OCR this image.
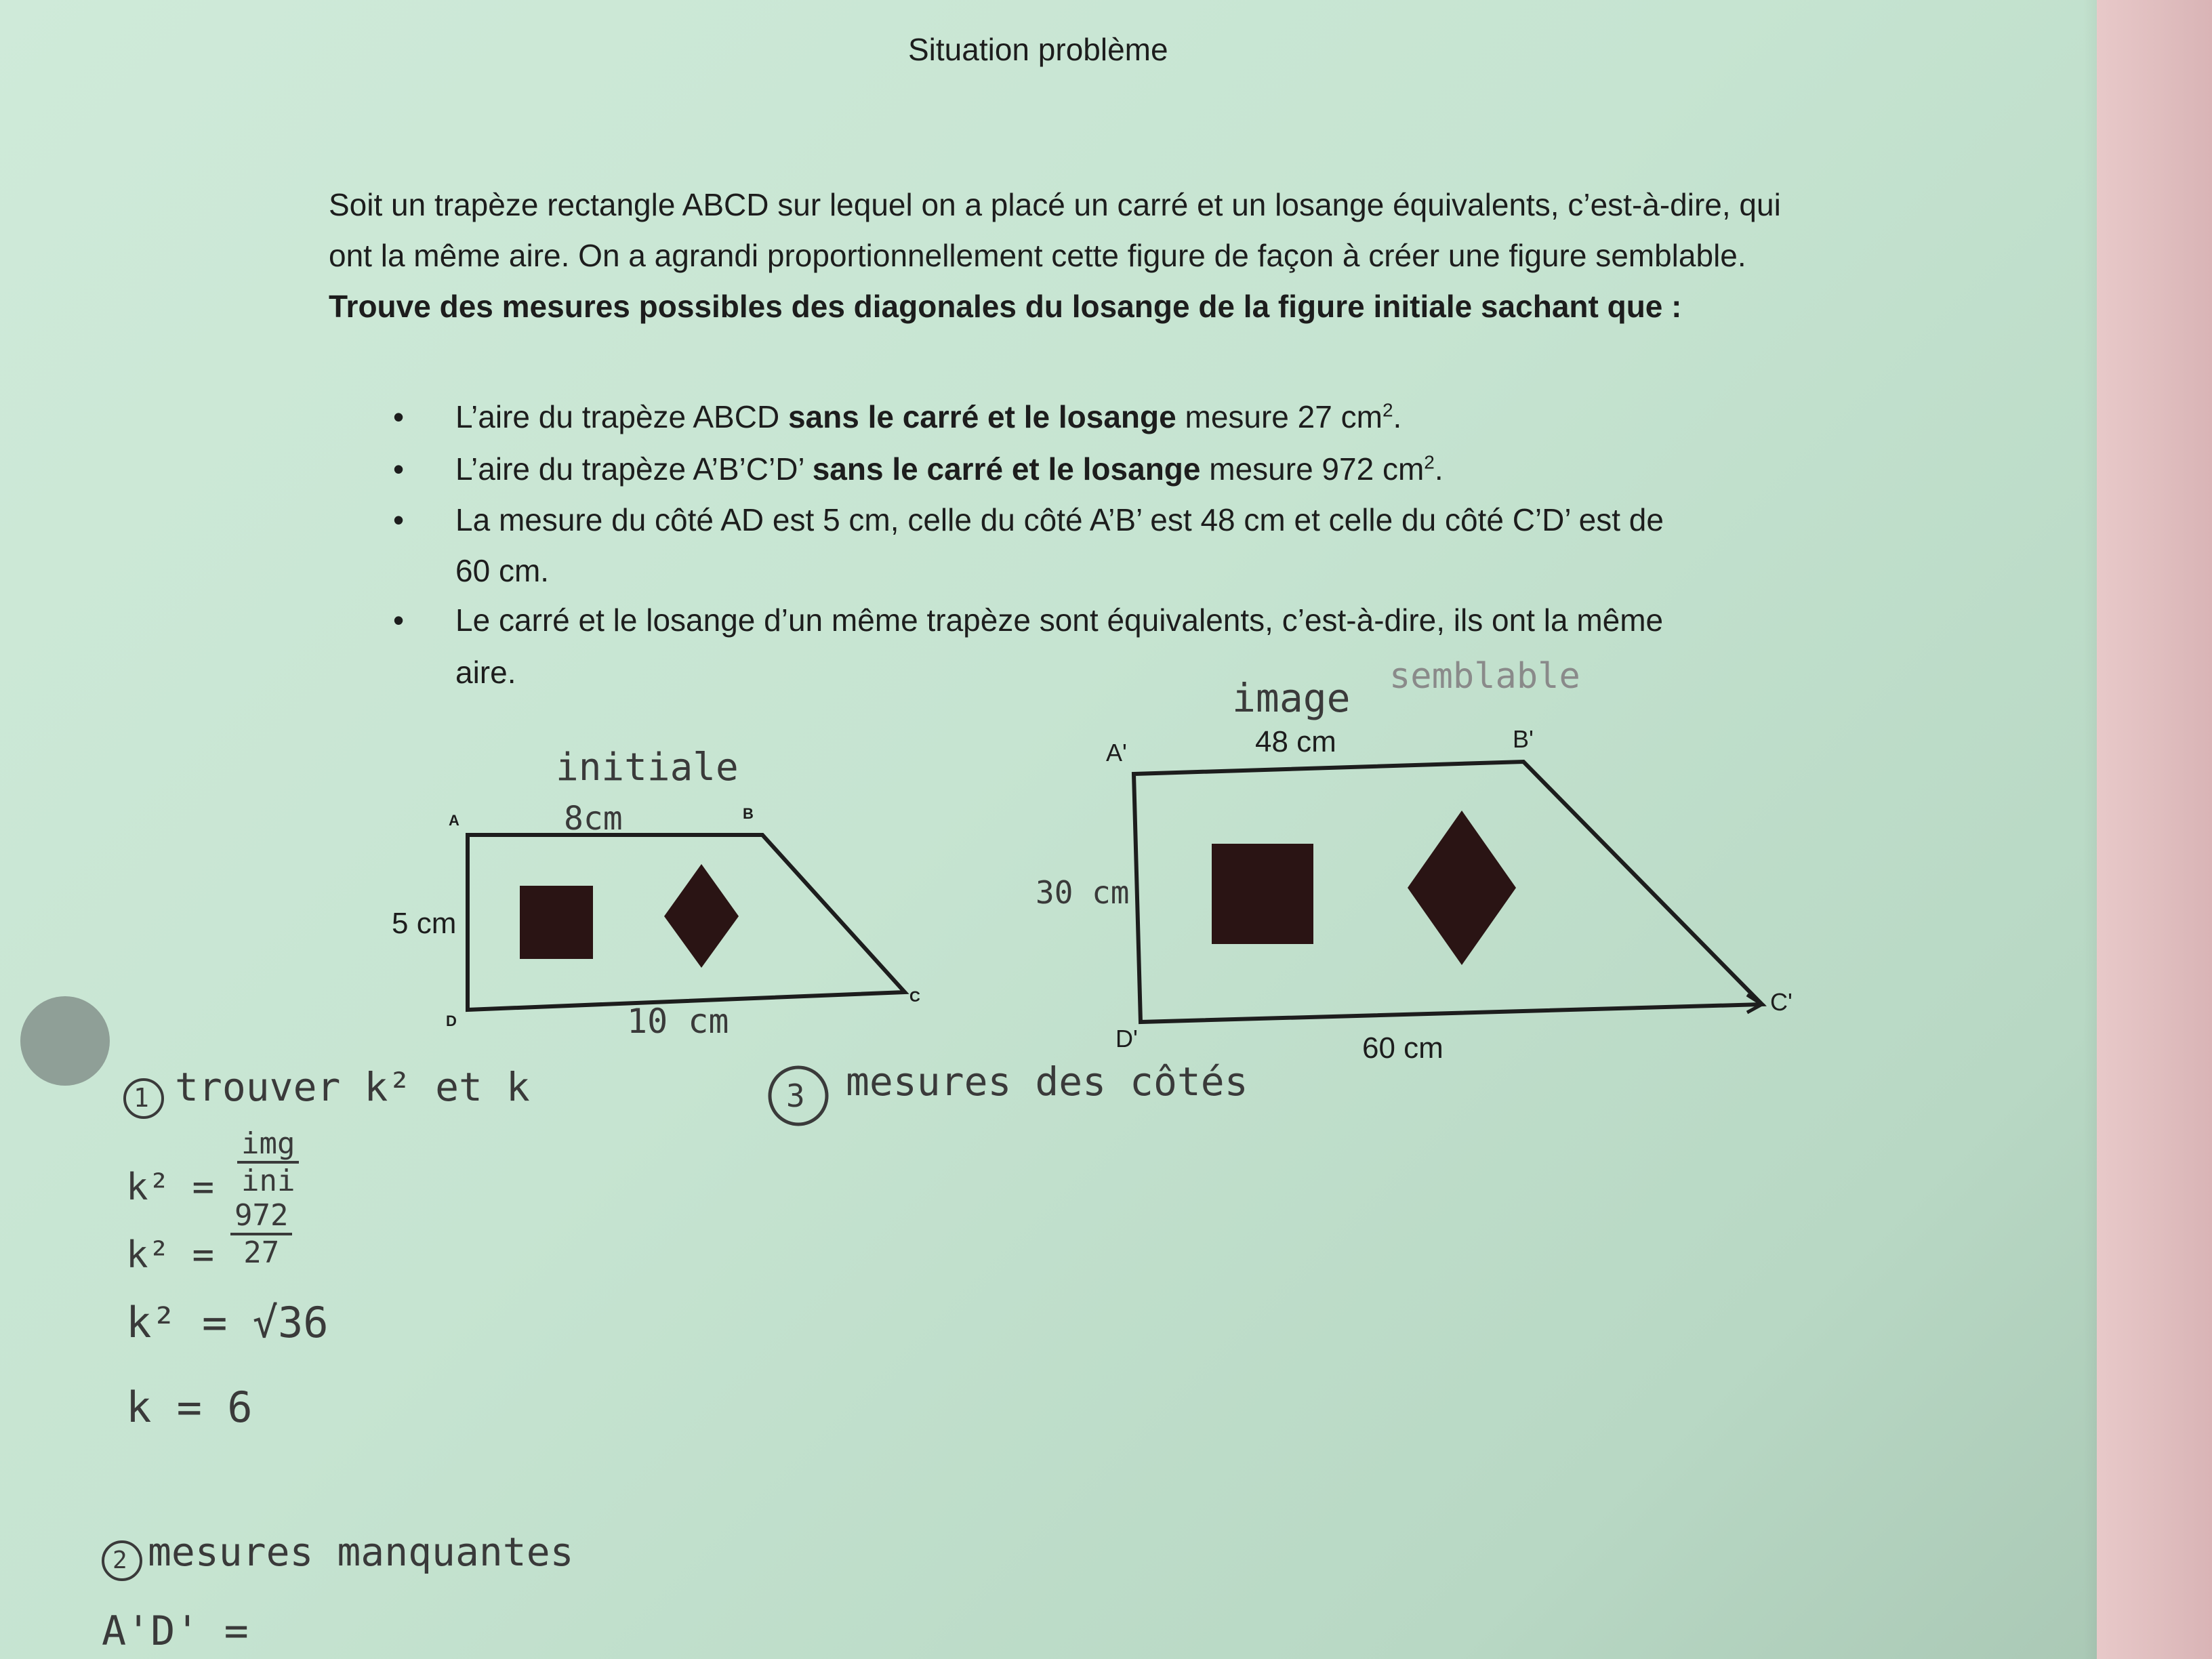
Situation problème
Soit un trapèze rectangle ABCD sur lequel on a placé un carré et un losange équivalents, c’est-à-dire, qui ont la même aire. On a agrandi proportionnellement cette figure de façon à créer une figure semblable. Trouve des mesures possibles des diagonales du losange de la figure initiale sachant que :
• L’aire du trapèze ABCD sans le carré et le losange mesure 27 $cm^2$.
• L’aire du trapèze A’B’C’D’ sans le carré et le losange mesure 972 $cm^2$.
• La mesure du côté AD est 5 cm, celle du côté A’B’ est 48 cm et celle du côté C’D’ est de
60 cm.
• Le carré et le losange d’un même trapèze sont équivalents, c’est-à-dire, ils ont la même
aire.
A	B
C
D
5 cm
initiale
8cm
10 cm
A'	B'
C'
D'
48 cm
60 cm
image semblable
30 cm
1 trouver k² et k
k² =
img
ini
$k^2 = \frac{972}{27}$
k² = √36
k = 6
3 mesures des côtés
2 mesures manquantes
A'D' =
